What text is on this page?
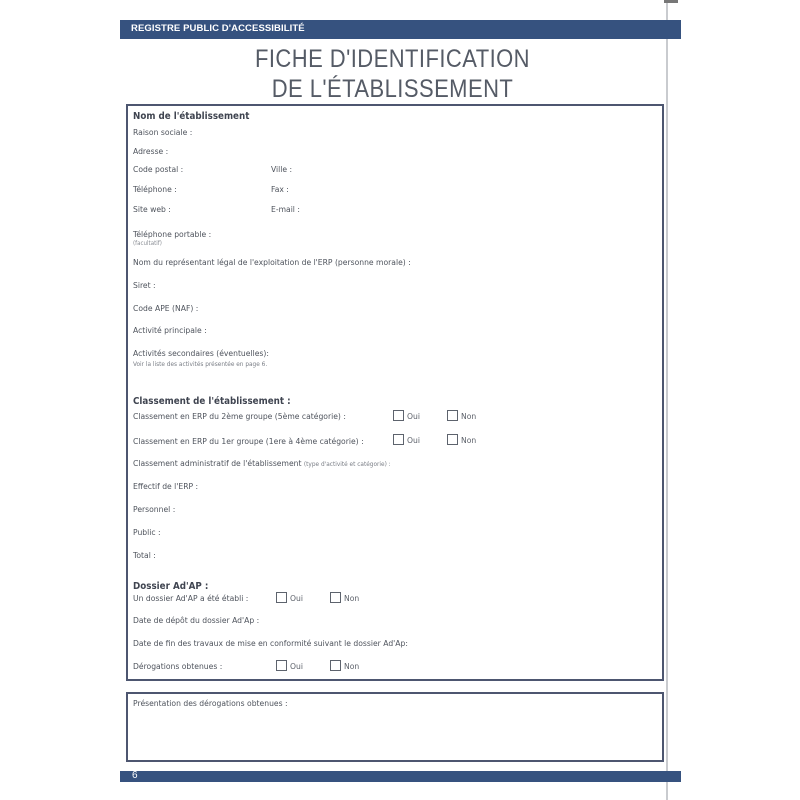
REGISTRE PUBLIC D'ACCESSIBILITÉ
FICHE D'IDENTIFICATION
DE L'ÉTABLISSEMENT
Nom de l'établissement
Raison sociale :
Adresse :
Code postal :	Ville :
Téléphone :	Fax :
Site web :	E-mail :
Téléphone portable :
(facultatif)
Nom du représentant légal de l'exploitation de l'ERP (personne morale) :
Siret :
Code APE (NAF) :
Activité principale :
Activités secondaires (éventuelles):
Voir la liste des activités présentée en page 6.
Classement de l'établissement :
Classement en ERP du 2ème groupe (5ème catégorie) :	Oui	Non
Classement en ERP du 1er groupe (1ere à 4ème catégorie) :	Oui	Non
Classement administratif de l'établissement (type d'activité et catégorie) :
Effectif de l'ERP :
Personnel :
Public :
Total :
Dossier Ad'AP :
Un dossier Ad'AP a été établi :	Oui	Non
Date de dépôt du dossier Ad'Ap :
Date de fin des travaux de mise en conformité suivant le dossier Ad'Ap:
Dérogations obtenues :	Oui	Non
Présentation des dérogations obtenues :
6
